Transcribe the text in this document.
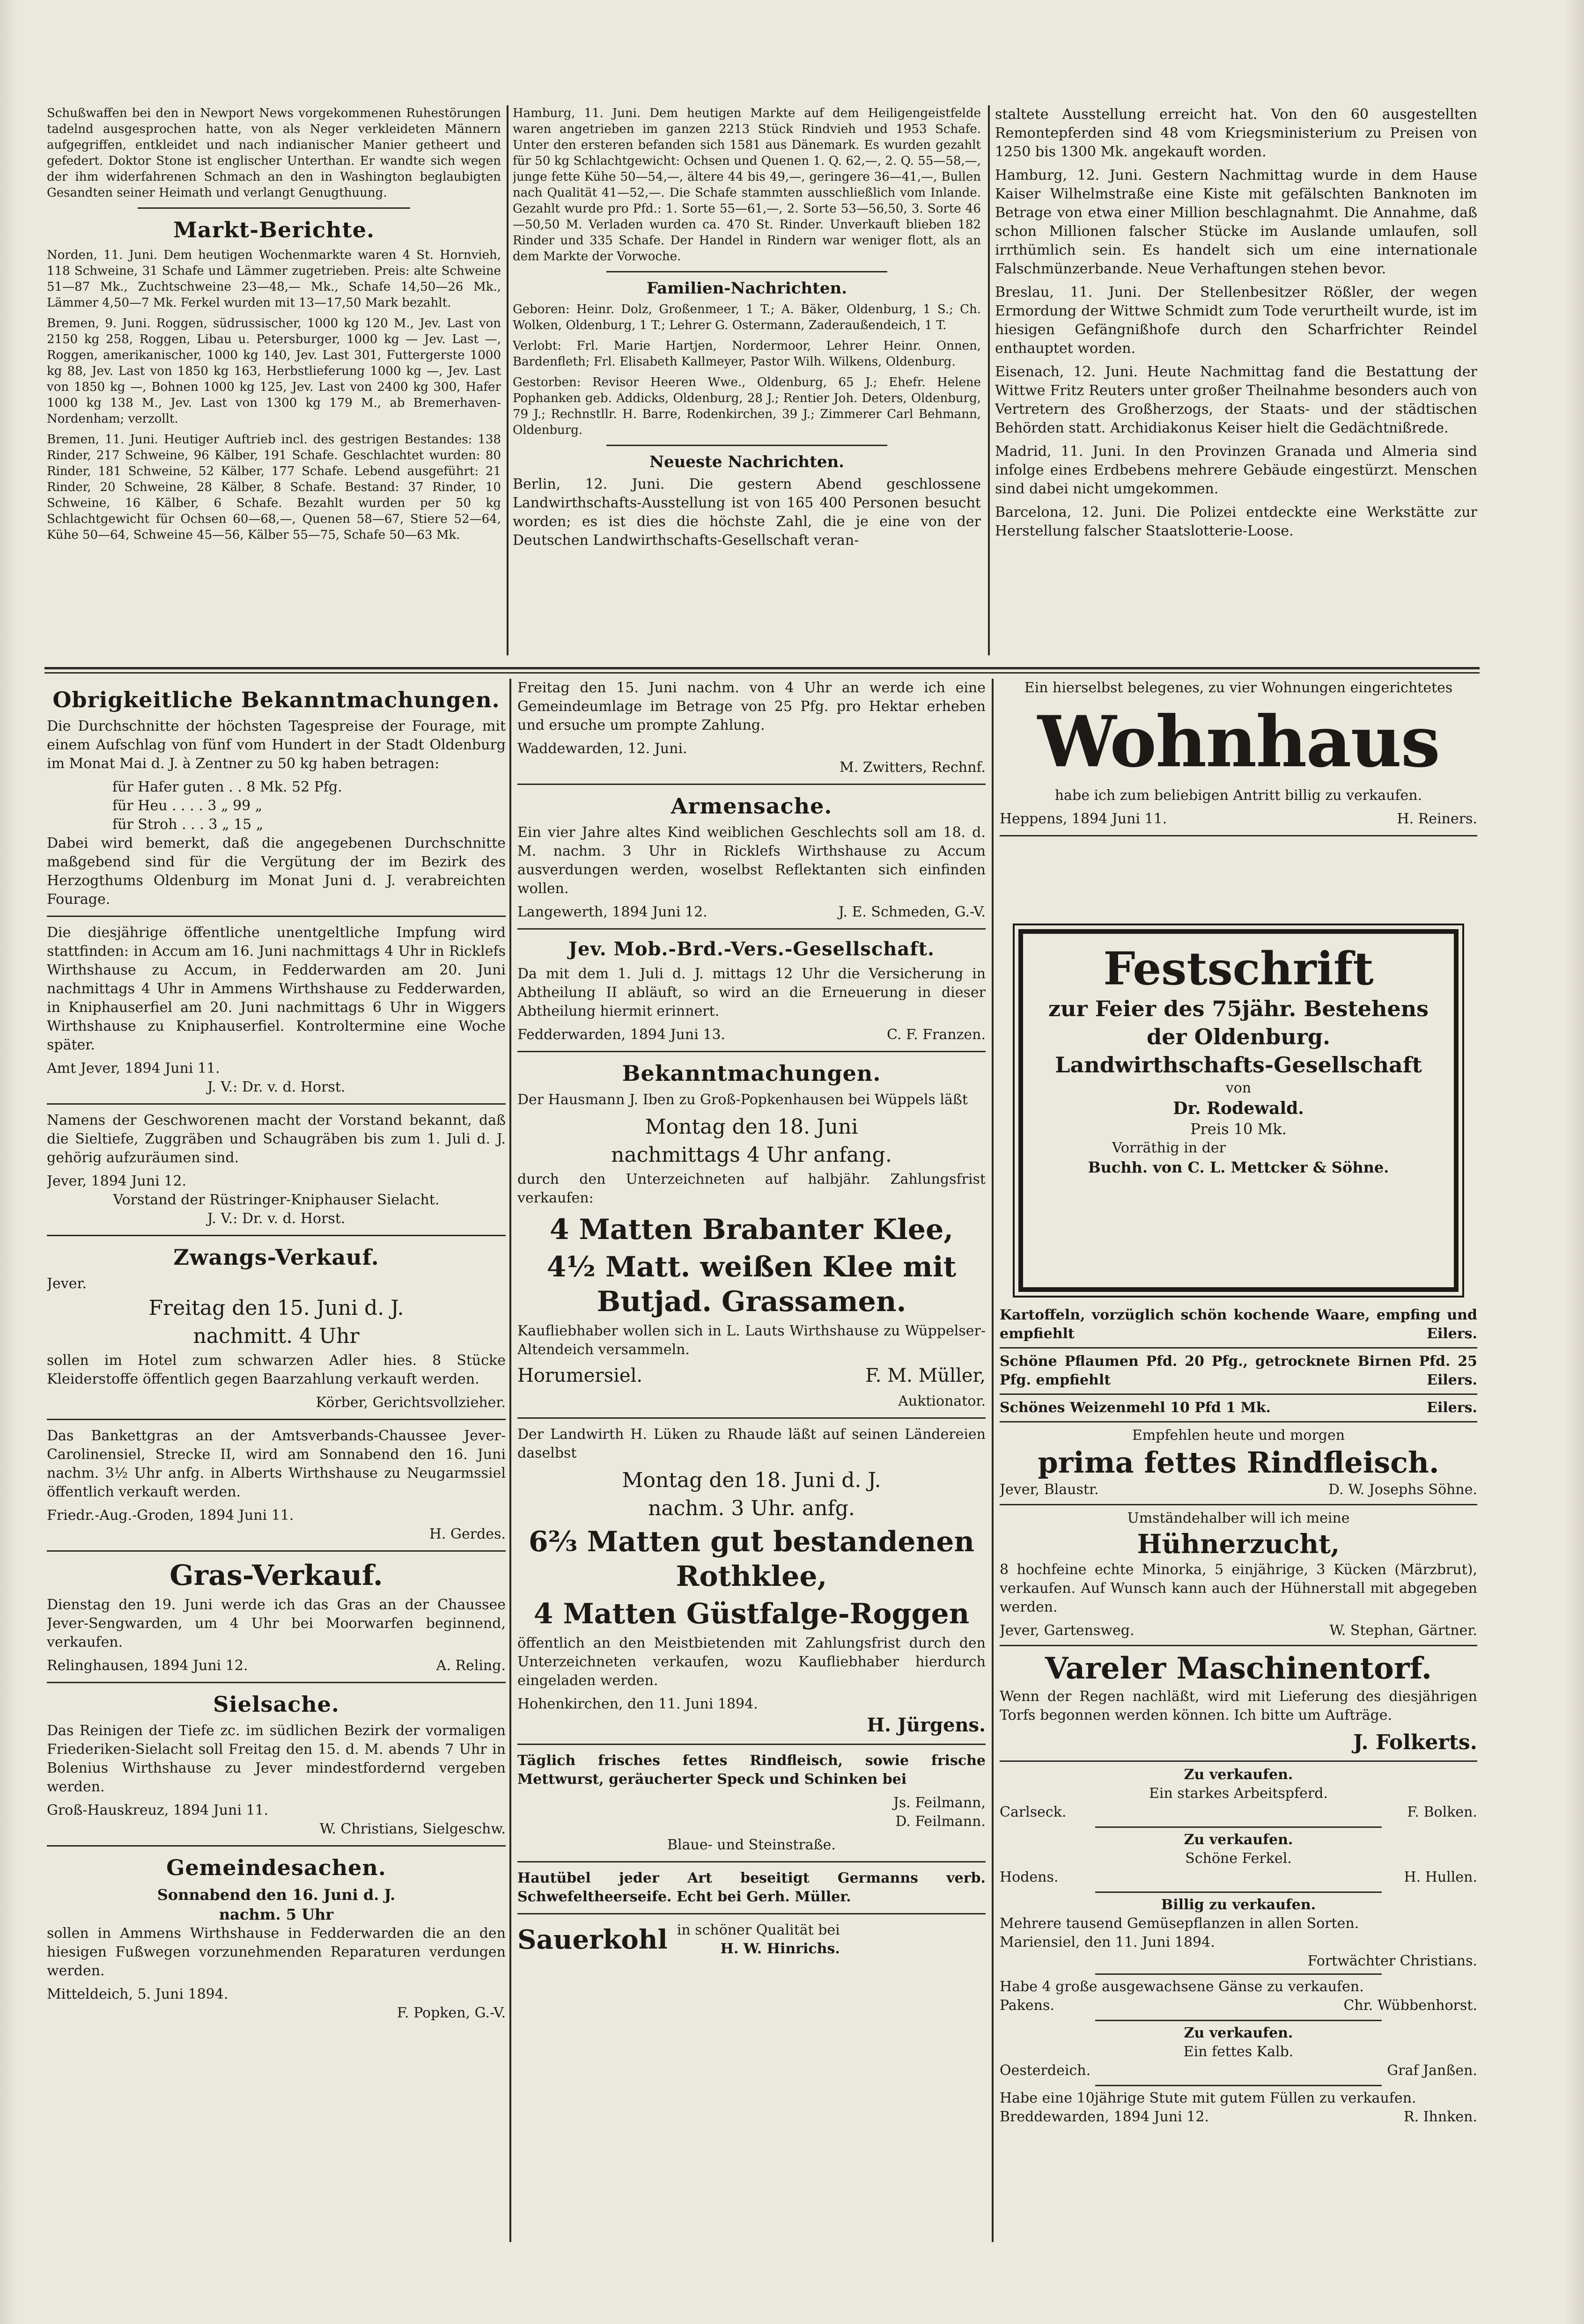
Schußwaffen bei den in Newport News vorgekommenen Ruhestörungen tadelnd ausgesprochen hatte, von als Neger verkleideten Männern aufgegriffen, entkleidet und nach indianischer Manier getheert und gefedert. Doktor Stone ist englischer Unterthan. Er wandte sich wegen der ihm widerfahrenen Schmach an den in Washington beglaubigten Gesandten seiner Heimath und verlangt Genugthuung.

Markt-Berichte.

Norden, 11. Juni. Dem heutigen Wochenmarkte waren 4 St. Hornvieh, 118 Schweine, 31 Schafe und Lämmer zugetrieben. Preis: alte Schweine 51—87 Mk., Zuchtschweine 23—48,— Mk., Schafe 14,50—26 Mk., Lämmer 4,50—7 Mk. Ferkel wurden mit 13—17,50 Mark bezahlt.

Bremen, 9. Juni. Roggen, südrussischer, 1000 kg 120 M., Jev. Last von 2150 kg 258, Roggen, Libau u. Petersburger, 1000 kg — Jev. Last —, Roggen, amerikanischer, 1000 kg 140, Jev. Last 301, Futtergerste 1000 kg 88, Jev. Last von 1850 kg 163, Herbstlieferung 1000 kg —, Jev. Last von 1850 kg —, Bohnen 1000 kg 125, Jev. Last von 2400 kg 300, Hafer 1000 kg 138 M., Jev. Last von 1300 kg 179 M., ab Bremerhaven-Nordenham; verzollt.

Bremen, 11. Juni. Heutiger Auftrieb incl. des gestrigen Bestandes: 138 Rinder, 217 Schweine, 96 Kälber, 191 Schafe. Geschlachtet wurden: 80 Rinder, 181 Schweine, 52 Kälber, 177 Schafe. Lebend ausgeführt: 21 Rinder, 20 Schweine, 28 Kälber, 8 Schafe. Bestand: 37 Rinder, 10 Schweine, 16 Kälber, 6 Schafe. Bezahlt wurden per 50 kg Schlachtgewicht für Ochsen 60—68,—, Quenen 58—67, Stiere 52—64, Kühe 50—64, Schweine 45—56, Kälber 55—75, Schafe 50—63 Mk.

Hamburg, 11. Juni. Dem heutigen Markte auf dem Heiligengeistfelde waren angetrieben im ganzen 2213 Stück Rindvieh und 1953 Schafe. Unter den ersteren befanden sich 1581 aus Dänemark. Es wurden gezahlt für 50 kg Schlachtgewicht: Ochsen und Quenen 1. Q. 62,—, 2. Q. 55—58,—, junge fette Kühe 50—54,—, ältere 44 bis 49,—, geringere 36—41,—, Bullen nach Qualität 41—52,—. Die Schafe stammten ausschließlich vom Inlande. Gezahlt wurde pro Pfd.: 1. Sorte 55—61,—, 2. Sorte 53—56,50, 3. Sorte 46—50,50 M. Verladen wurden ca. 470 St. Rinder. Unverkauft blieben 182 Rinder und 335 Schafe. Der Handel in Rindern war weniger flott, als an dem Markte der Vorwoche.

Familien-Nachrichten.

Geboren: Heinr. Dolz, Großenmeer, 1 T.; A. Bäker, Oldenburg, 1 S.; Ch. Wolken, Oldenburg, 1 T.; Lehrer G. Ostermann, Zaderaußendeich, 1 T.

Verlobt: Frl. Marie Hartjen, Nordermoor, Lehrer Heinr. Onnen, Bardenfleth; Frl. Elisabeth Kallmeyer, Pastor Wilh. Wilkens, Oldenburg.

Gestorben: Revisor Heeren Wwe., Oldenburg, 65 J.; Ehefr. Helene Pophanken geb. Addicks, Oldenburg, 28 J.; Rentier Joh. Deters, Oldenburg, 79 J.; Rechnstllr. H. Barre, Rodenkirchen, 39 J.; Zimmerer Carl Behmann, Oldenburg.

Neueste Nachrichten.

Berlin, 12. Juni. Die gestern Abend geschlossene Landwirthschafts-Ausstellung ist von 165 400 Personen besucht worden; es ist dies die höchste Zahl, die je eine von der Deutschen Landwirthschafts-Gesellschaft veran-

staltete Ausstellung erreicht hat. Von den 60 ausgestellten Remontepferden sind 48 vom Kriegsministerium zu Preisen von 1250 bis 1300 Mk. angekauft worden.

Hamburg, 12. Juni. Gestern Nachmittag wurde in dem Hause Kaiser Wilhelmstraße eine Kiste mit gefälschten Banknoten im Betrage von etwa einer Million beschlagnahmt. Die Annahme, daß schon Millionen falscher Stücke im Auslande umlaufen, soll irrthümlich sein. Es handelt sich um eine internationale Falschmünzerbande. Neue Verhaftungen stehen bevor.

Breslau, 11. Juni. Der Stellenbesitzer Rößler, der wegen Ermordung der Wittwe Schmidt zum Tode verurtheilt wurde, ist im hiesigen Gefängnißhofe durch den Scharfrichter Reindel enthauptet worden.

Eisenach, 12. Juni. Heute Nachmittag fand die Bestattung der Wittwe Fritz Reuters unter großer Theilnahme besonders auch von Vertretern des Großherzogs, der Staats- und der städtischen Behörden statt. Archidiakonus Keiser hielt die Gedächtnißrede.

Madrid, 11. Juni. In den Provinzen Granada und Almeria sind infolge eines Erdbebens mehrere Gebäude eingestürzt. Menschen sind dabei nicht umgekommen.

Barcelona, 12. Juni. Die Polizei entdeckte eine Werkstätte zur Herstellung falscher Staatslotterie-Loose.

Obrigkeitliche Bekanntmachungen.

Die Durchschnitte der höchsten Tagespreise der Fourage, mit einem Aufschlag von fünf vom Hundert in der Stadt Oldenburg im Monat Mai d. J. à Zentner zu 50 kg haben betragen:

für Hafer guten . . 8 Mk. 52 Pfg.
für Heu . . . . 3 „ 99 „
für Stroh . . . 3 „ 15 „

Dabei wird bemerkt, daß die angegebenen Durchschnitte maßgebend sind für die Vergütung der im Bezirk des Herzogthums Oldenburg im Monat Juni d. J. verabreichten Fourage.

Die diesjährige öffentliche unentgeltliche Impfung wird stattfinden: in Accum am 16. Juni nachmittags 4 Uhr in Ricklefs Wirthshause zu Accum, in Fedderwarden am 20. Juni nachmittags 4 Uhr in Ammens Wirthshause zu Fedderwarden, in Kniphauserfiel am 20. Juni nachmittags 6 Uhr in Wiggers Wirthshause zu Kniphauserfiel. Kontroltermine eine Woche später.

Amt Jever, 1894 Juni 11.

J. V.: Dr. v. d. Horst.

Namens der Geschworenen macht der Vorstand bekannt, daß die Sieltiefe, Zuggräben und Schaugräben bis zum 1. Juli d. J. gehörig aufzuräumen sind.

Jever, 1894 Juni 12.

Vorstand der Rüstringer-Kniphauser Sielacht.

J. V.: Dr. v. d. Horst.

Zwangs-Verkauf.

Jever.

Freitag den 15. Juni d. J.
nachmitt. 4 Uhr

sollen im Hotel zum schwarzen Adler hies. 8 Stücke Kleiderstoffe öffentlich gegen Baarzahlung verkauft werden.

Körber, Gerichtsvollzieher.

Das Bankettgras an der Amtsverbands-Chaussee Jever-Carolinensiel, Strecke II, wird am Sonnabend den 16. Juni nachm. 3½ Uhr anfg. in Alberts Wirthshause zu Neugarmssiel öffentlich verkauft werden.

Friedr.-Aug.-Groden, 1894 Juni 11.

H. Gerdes.

Gras-Verkauf.

Dienstag den 19. Juni werde ich das Gras an der Chaussee Jever-Sengwarden, um 4 Uhr bei Moorwarfen beginnend, verkaufen.

Relinghausen, 1894 Juni 12.	A. Reling.
Sielsache.

Das Reinigen der Tiefe zc. im südlichen Bezirk der vormaligen Friederiken-Sielacht soll Freitag den 15. d. M. abends 7 Uhr in Bolenius Wirthshause zu Jever mindestfordernd vergeben werden.

Groß-Hauskreuz, 1894 Juni 11.

W. Christians, Sielgeschw.

Gemeindesachen.
Sonnabend den 16. Juni d. J.
nachm. 5 Uhr

sollen in Ammens Wirthshause in Fedderwarden die an den hiesigen Fußwegen vorzunehmenden Reparaturen verdungen werden.

Mitteldeich, 5. Juni 1894.

F. Popken, G.-V.

Freitag den 15. Juni nachm. von 4 Uhr an werde ich eine Gemeindeumlage im Betrage von 25 Pfg. pro Hektar erheben und ersuche um prompte Zahlung.

Waddewarden, 12. Juni.

M. Zwitters, Rechnf.

Armensache.

Ein vier Jahre altes Kind weiblichen Geschlechts soll am 18. d. M. nachm. 3 Uhr in Ricklefs Wirthshause zu Accum ausverdungen werden, woselbst Reflektanten sich einfinden wollen.

Langewerth, 1894 Juni 12.	J. E. Schmeden, G.-V.
Jev. Mob.-Brd.-Vers.-Gesellschaft.

Da mit dem 1. Juli d. J. mittags 12 Uhr die Versicherung in Abtheilung II abläuft, so wird an die Erneuerung in dieser Abtheilung hiermit erinnert.

Fedderwarden, 1894 Juni 13.	C. F. Franzen.
Bekanntmachungen.

Der Hausmann J. Iben zu Groß-Popkenhausen bei Wüppels läßt

Montag den 18. Juni
nachmittags 4 Uhr anfang.

durch den Unterzeichneten auf halbjähr. Zahlungsfrist verkaufen:

4 Matten Brabanter Klee,
4½ Matt. weißen Klee mit Butjad. Grassamen.

Kaufliebhaber wollen sich in L. Lauts Wirthshause zu Wüppelser-Altendeich versammeln.

Horumersiel.	F. M. Müller,

Auktionator.

Der Landwirth H. Lüken zu Rhaude läßt auf seinen Ländereien daselbst

Montag den 18. Juni d. J.
nachm. 3 Uhr. anfg.
6⅔ Matten gut bestandenen Rothklee,
4 Matten Güstfalge-Roggen

öffentlich an den Meistbietenden mit Zahlungsfrist durch den Unterzeichneten verkaufen, wozu Kaufliebhaber hierdurch eingeladen werden.

Hohenkirchen, den 11. Juni 1894.

H. Jürgens.

Täglich frisches fettes Rindfleisch, sowie frische Mettwurst, geräucherter Speck und Schinken bei

Js. Feilmann,

D. Feilmann.

Blaue- und Steinstraße.

Hautübel jeder Art beseitigt Germanns verb. Schwefeltheerseife. Echt bei Gerh. Müller.

Sauerkohl in schöner Qualität bei
H. W. Hinrichs.

Ein hierselbst belegenes, zu vier Wohnungen eingerichtetes

Wohnhaus

habe ich zum beliebigen Antritt billig zu verkaufen.

Heppens, 1894 Juni 11.	H. Reiners.
Festschrift
zur Feier des 75jähr. Bestehens der Oldenburg. Landwirthschafts-Gesellschaft
von
Dr. Rodewald.
Preis 10 Mk.
Vorräthig in der
Buchh. von C. L. Mettcker & Söhne.

Kartoffeln, vorzüglich schön kochende Waare, empfing und empfiehlt	Eilers.

Schöne Pflaumen Pfd. 20 Pfg., getrocknete Birnen Pfd. 25 Pfg. empfiehlt	Eilers.

Schönes Weizenmehl 10 Pfd 1 Mk.	Eilers.

Empfehlen heute und morgen

prima fettes Rindfleisch.
Jever, Blaustr.	D. W. Josephs Söhne.

Umständehalber will ich meine

Hühnerzucht,

8 hochfeine echte Minorka, 5 einjährige, 3 Kücken (Märzbrut), verkaufen. Auf Wunsch kann auch der Hühnerstall mit abgegeben werden.

Jever, Gartensweg.	W. Stephan, Gärtner.
Vareler Maschinentorf.

Wenn der Regen nachläßt, wird mit Lieferung des diesjährigen Torfs begonnen werden können. Ich bitte um Aufträge.

J. Folkerts.

Zu verkaufen.

Ein starkes Arbeitspferd.

Carlseck.	F. Bolken.
Zu verkaufen.

Schöne Ferkel.

Hodens.	H. Hullen.
Billig zu verkaufen.

Mehrere tausend Gemüsepflanzen in allen Sorten.

Mariensiel, den 11. Juni 1894.

Fortwächter Christians.

Habe 4 große ausgewachsene Gänse zu verkaufen.

Pakens.	Chr. Wübbenhorst.
Zu verkaufen.

Ein fettes Kalb.

Oesterdeich.	Graf Janßen.

Habe eine 10jährige Stute mit gutem Füllen zu verkaufen.

Breddewarden, 1894 Juni 12.	R. Ihnken.
